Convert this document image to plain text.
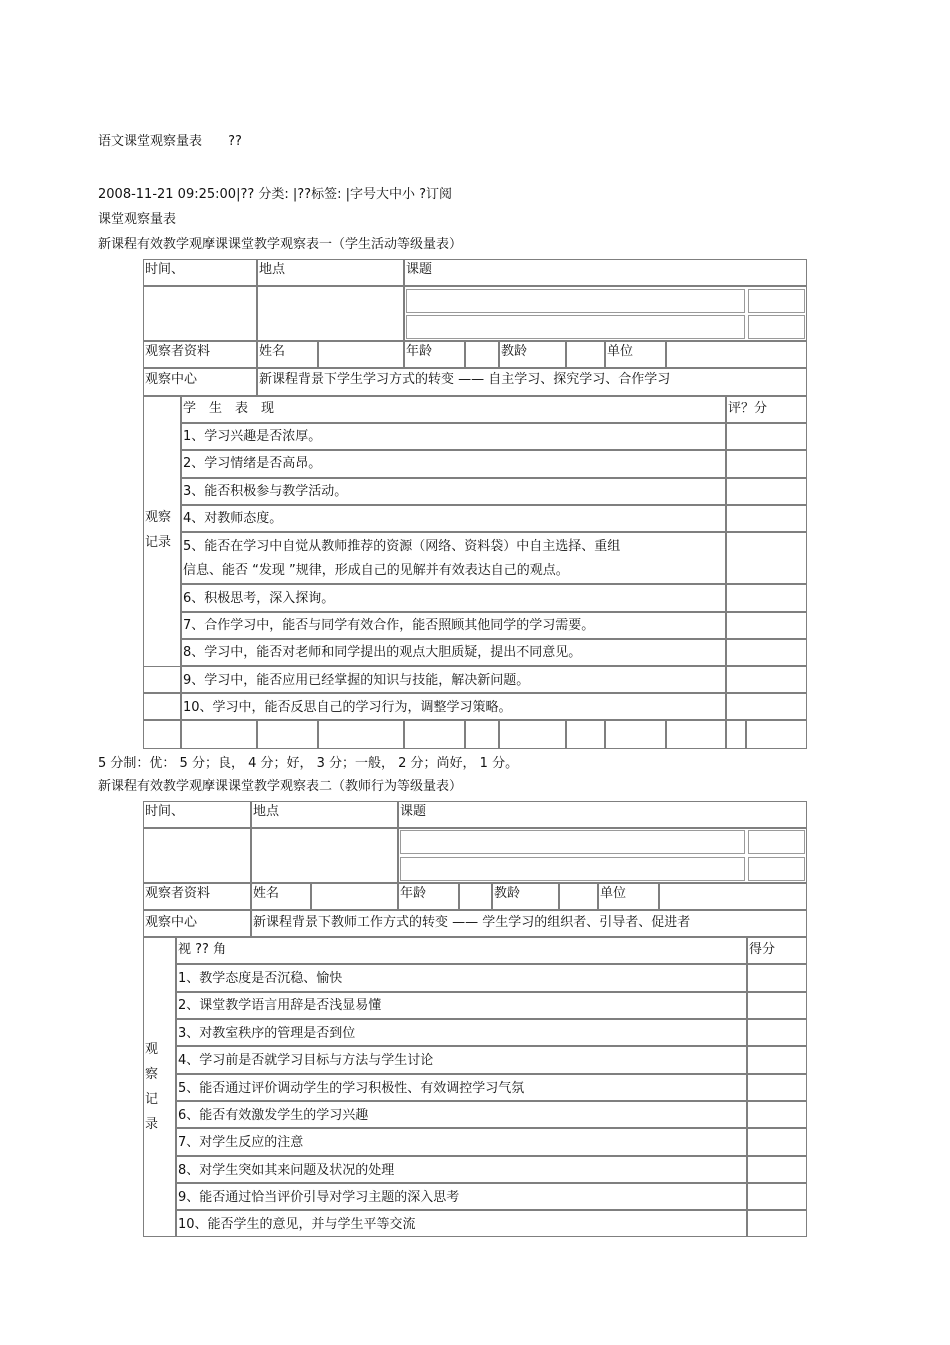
语文课堂观察量表 ??
2008-11-21 09:25:00|?? 分类: |??标签: |字号大中小 ?订阅
课堂观察量表
新课程有效教学观摩课课堂教学观察表一（学生活动等级量表）
时间、	地点	课题
观察者资料	姓名	年龄	教龄	单位
观察中心	新课程背景下学生学习方式的转变 —— 自主学习、探究学习、合作学习
观察
记录
学　生　表　现	评？分
1、学习兴趣是否浓厚。
2、学习情绪是否高昂。
3、能否积极参与教学活动。
4、对教师态度。
5、能否在学习中自觉从教师推荐的资源（网络、资料袋）中自主选择、重组
信息、能否 “发现 ”规律，形成自己的见解并有效表达自己的观点。
6、积极思考，深入探询。
7、合作学习中，能否与同学有效合作，能否照顾其他同学的学习需要。
8、学习中，能否对老师和同学提出的观点大胆质疑，提出不同意见。
9、学习中，能否应用已经掌握的知识与技能，解决新问题。
10、学习中，能否反思自己的学习行为，调整学习策略。
5 分制：优： 5 分；良， 4 分；好， 3 分；一般， 2 分；尚好， 1 分。
新课程有效教学观摩课课堂教学观察表二（教师行为等级量表）
时间、	地点	课题
观察者资料	姓名	年龄	教龄	单位
观察中心	新课程背景下教师工作方式的转变 —— 学生学习的组织者、引导者、促进者
观
察
记
录
视 ?? 角	得分
1、教学态度是否沉稳、愉快
2、课堂教学语言用辞是否浅显易懂
3、对教室秩序的管理是否到位
4、学习前是否就学习目标与方法与学生讨论
5、能否通过评价调动学生的学习积极性、有效调控学习气氛
6、能否有效激发学生的学习兴趣
7、对学生反应的注意
8、对学生突如其来问题及状况的处理
9、能否通过恰当评价引导对学习主题的深入思考
10、能否学生的意见，并与学生平等交流
